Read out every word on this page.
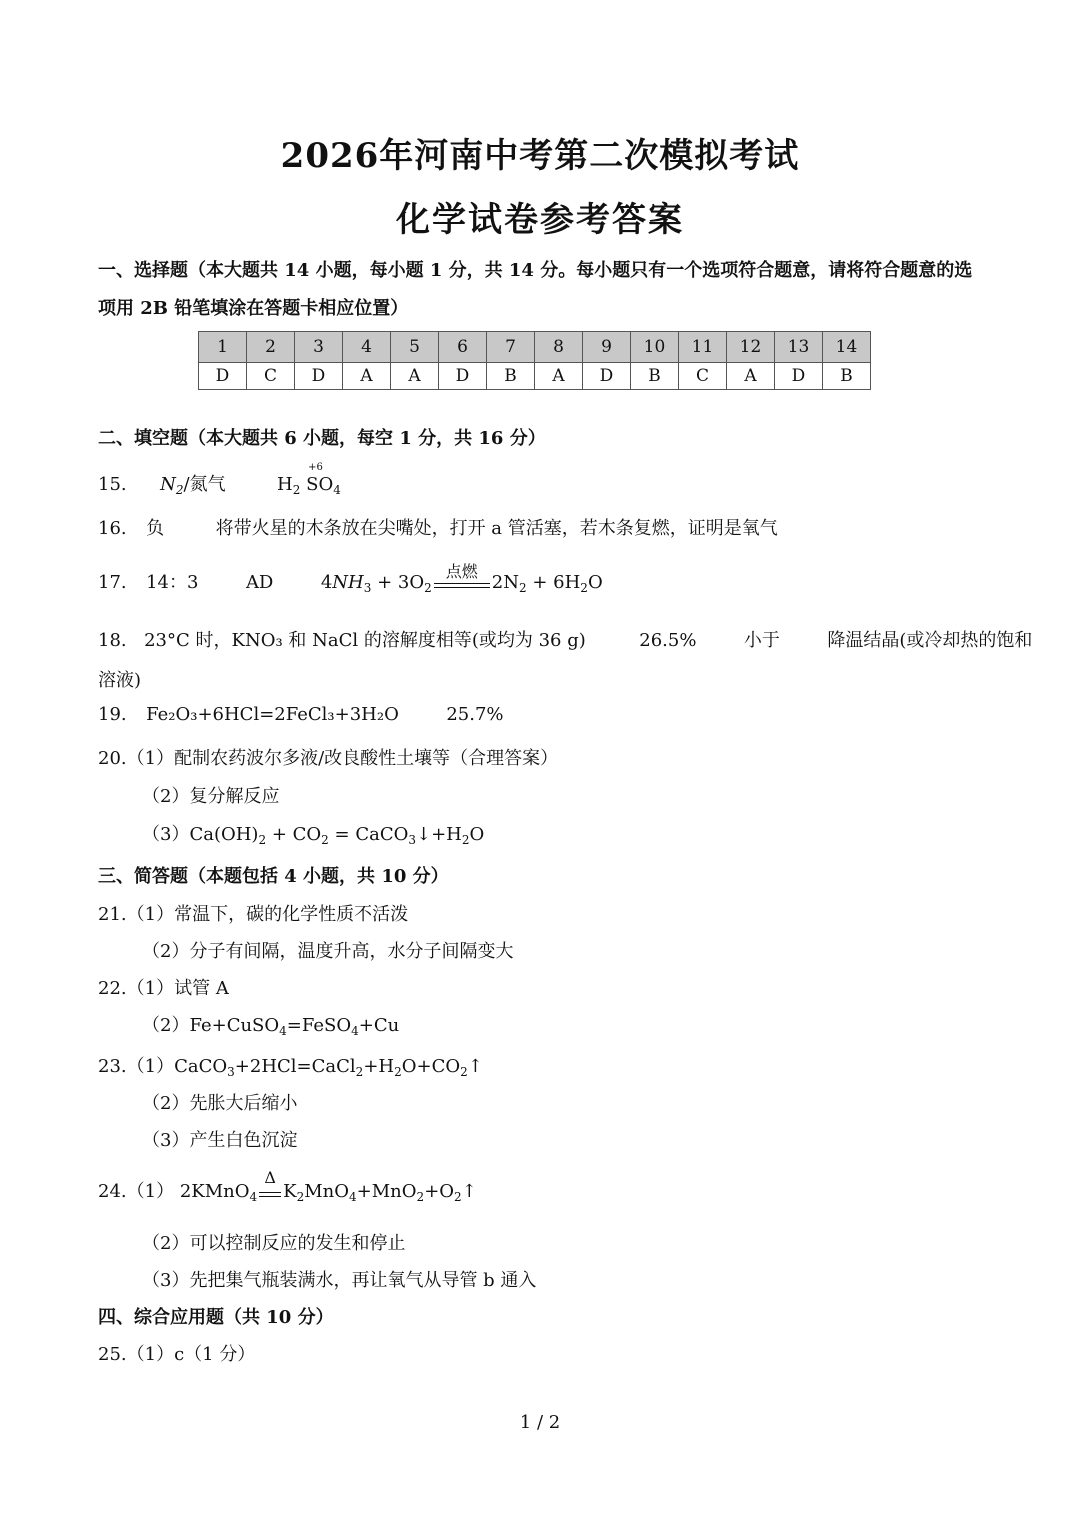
2026年河南中考第二次模拟考试
化学试卷参考答案
一、选择题（本大题共 14 小题，每小题 1 分，共 14 分。每小题只有一个选项符合题意，请将符合题意的选项用 2B 铅笔填涂在答题卡相应位置）
1	2	3	4	5	6	7	8	9	10	11	12	13	14
D	C	D	A	A	D	B	A	D	B	C	A	D	B
二、填空题（本大题共 6 小题，每空 1 分，共 16 分）
15. $N_2/$氮气	$H_2$ S
+6
$O_4$
16. 负	将带火星的木条放在尖嘴处，打开 a 管活塞，若木条复燃，证明是氧气
17. 14：3	AD	$4NH_3 + 3O_2$
点燃
$2N_2 + 6H_2O$
18. 23°C 时，KNO₃ 和 NaCl 的溶解度相等(或均为 36 g)	26.5%	小于	降温结晶(或冷却热的饱和
溶液)
19. Fe₂O₃+6HCl=2FeCl₃+3H₂O	25.7%
20.（1）配制农药波尔多液/改良酸性土壤等（合理答案）
（2）复分解反应
$(3)Ca(OH)_2 + CO_2$ = $CaCO_3↓+H_2O$
三、简答题（本题包括 4 小题，共 10 分）
21.（1）常温下，碳的化学性质不活泼
（2）分子有间隔，温度升高，水分子间隔变大
22.（1）试管 A
（2）Fe+CuSO$_4$=FeSO$_4$+Cu
$23.(1)CaCO_3+2HCl=CaCl_2+H_2O+CO_2↑$
（2）先胀大后缩小
（3）产生白色沉淀
24.（1） 2KMnO$_4$
Δ
$K_2MnO_4+MnO_2+O_2↑$
（2）可以控制反应的发生和停止
（3）先把集气瓶装满水，再让氧气从导管 b 通入
四、综合应用题（共 10 分）
25.（1）c（1 分）
1 / 2
